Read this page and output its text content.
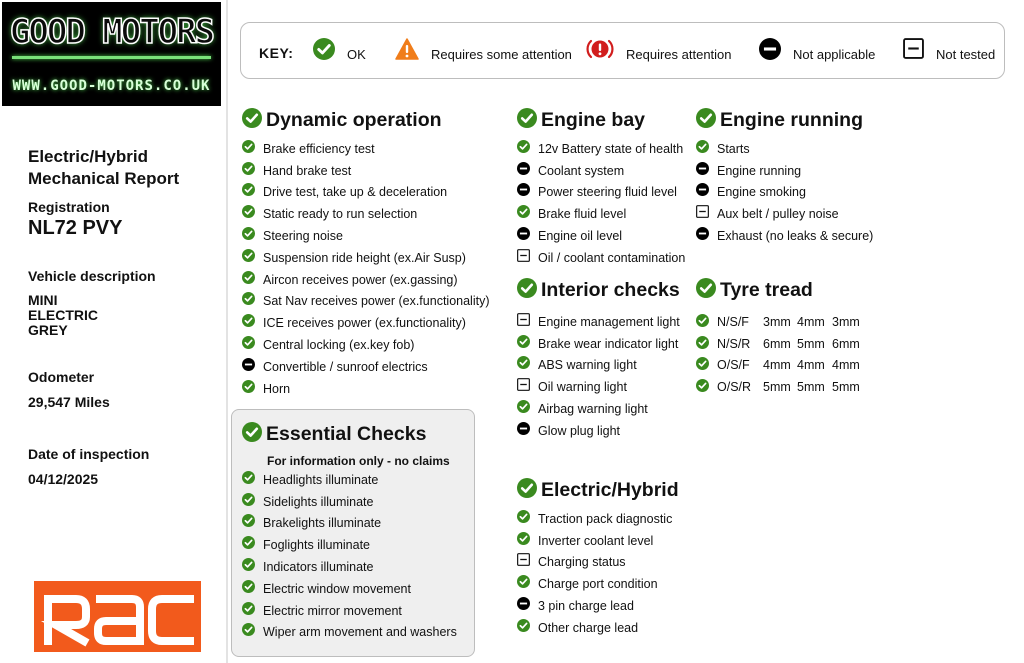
GOOD MOTORS
WWW.GOOD-MOTORS.CO.UK
Electric/Hybrid Mechanical Report
Registration
NL72 PVY
Vehicle description
MINI
ELECTRIC
GREY
Odometer
29,547 Miles
Date of inspection
04/12/2025
KEY:	OK	Requires some attention	Requires attention	Not applicable	Not tested
Dynamic operation
Brake efficiency test
Hand brake test
Drive test, take up & deceleration
Static ready to run selection
Steering noise
Suspension ride height (ex.Air Susp)
Aircon receives power (ex.gassing)
Sat Nav receives power (ex.functionality)
ICE receives power (ex.functionality)
Central locking (ex.key fob)
Convertible / sunroof electrics
Horn
Essential Checks
For information only - no claims
Headlights illuminate
Sidelights illuminate
Brakelights illuminate
Foglights illuminate
Indicators illuminate
Electric window movement
Electric mirror movement
Wiper arm movement and washers
Engine bay
12v Battery state of health
Coolant system
Power steering fluid level
Brake fluid level
Engine oil level
Oil / coolant contamination
Interior checks
Engine management light
Brake wear indicator light
ABS warning light
Oil warning light
Airbag warning light
Glow plug light
Electric/Hybrid
Traction pack diagnostic
Inverter coolant level
Charging status
Charge port condition
3 pin charge lead
Other charge lead
Engine running
Starts
Engine running
Engine smoking
Aux belt / pulley noise
Exhaust (no leaks & secure)
Tyre tread
N/S/F	3mm 4mm 3mm
N/S/R	6mm 5mm 6mm
O/S/F	4mm 4mm 4mm
O/S/R 5mm 5mm 5mm
